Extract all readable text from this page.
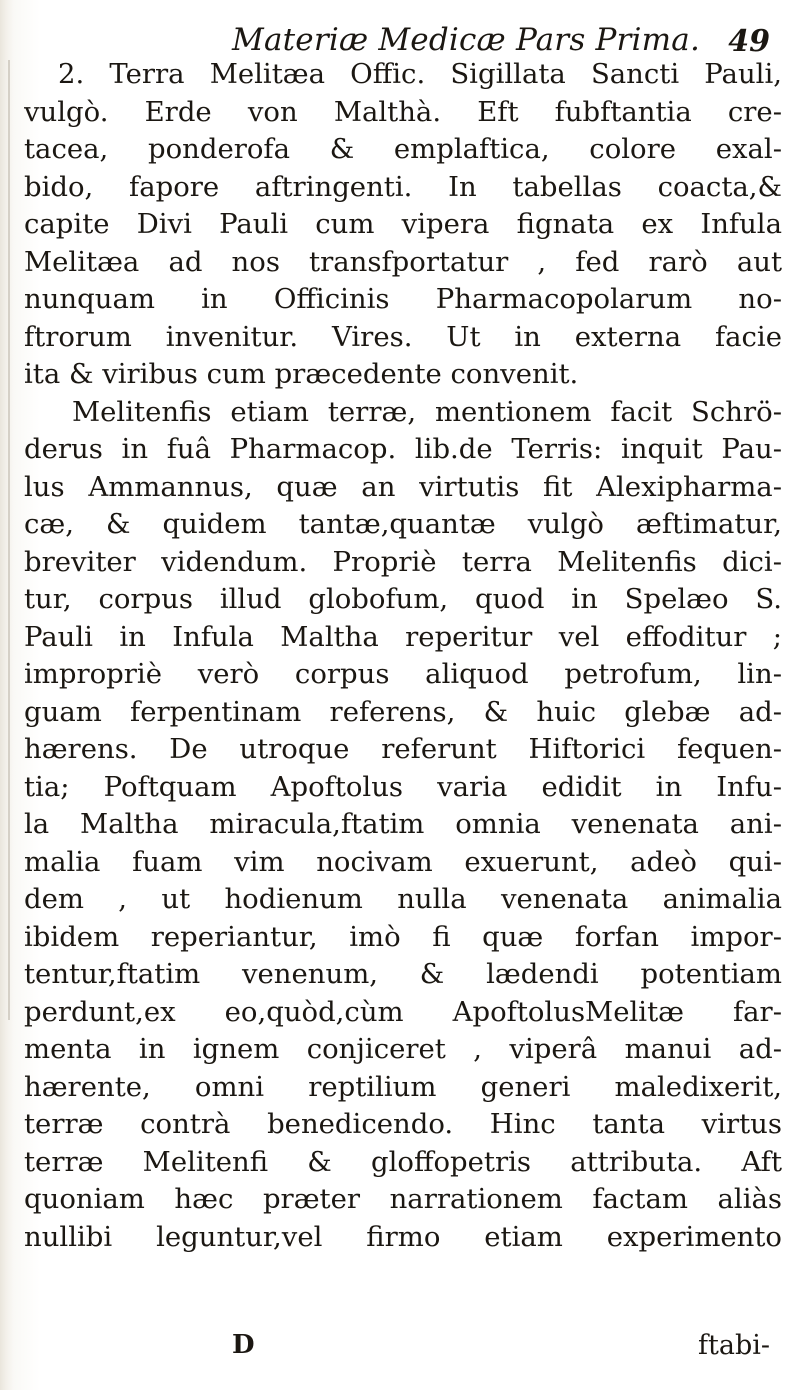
Materiæ Medicæ Pars Prima. 49
2. Terra Melitæa Offic. Sigillata Sancti Pauli,
vulgò. Erde von Malthà. Eft fubftantia cre-
tacea, ponderofa & emplaftica, colore exal-
bido, fapore aftringenti. In tabellas coacta,&
capite Divi Pauli cum vipera fignata ex Infula
Melitæa ad nos transfportatur , fed rarò aut
nunquam in Officinis Pharmacopolarum no-
ftrorum invenitur. Vires. Ut in externa facie
ita & viribus cum præcedente convenit.
Melitenfis etiam terræ, mentionem facit Schrö-
derus in fuâ Pharmacop. lib.de Terris: inquit Pau-
lus Ammannus, quæ an virtutis fit Alexipharma-
cæ, & quidem tantæ,quantæ vulgò æftimatur,
breviter videndum. Propriè terra Melitenfis dici-
tur, corpus illud globofum, quod in Spelæo S.
Pauli in Infula Maltha reperitur vel effoditur ;
impropriè verò corpus aliquod petrofum, lin-
guam ferpentinam referens, & huic glebæ ad-
hærens. De utroque referunt Hiftorici fequen-
tia; Poftquam Apoftolus varia edidit in Infu-
la Maltha miracula,ftatim omnia venenata ani-
malia fuam vim nocivam exuerunt, adeò qui-
dem , ut hodienum nulla venenata animalia
ibidem reperiantur, imò fi quæ forfan impor-
tentur,ftatim venenum, & lædendi potentiam
perdunt,ex eo,quòd,cùm ApoftolusMelitæ far-
menta in ignem conjiceret , viperâ manui ad-
hærente, omni reptilium generi maledixerit,
terræ contrà benedicendo. Hinc tanta virtus
terræ Melitenfi & gloffopetris attributa. Aft
quoniam hæc præter narrationem factam aliàs
nullibi leguntur,vel firmo etiam experimento
D	ftabi-
